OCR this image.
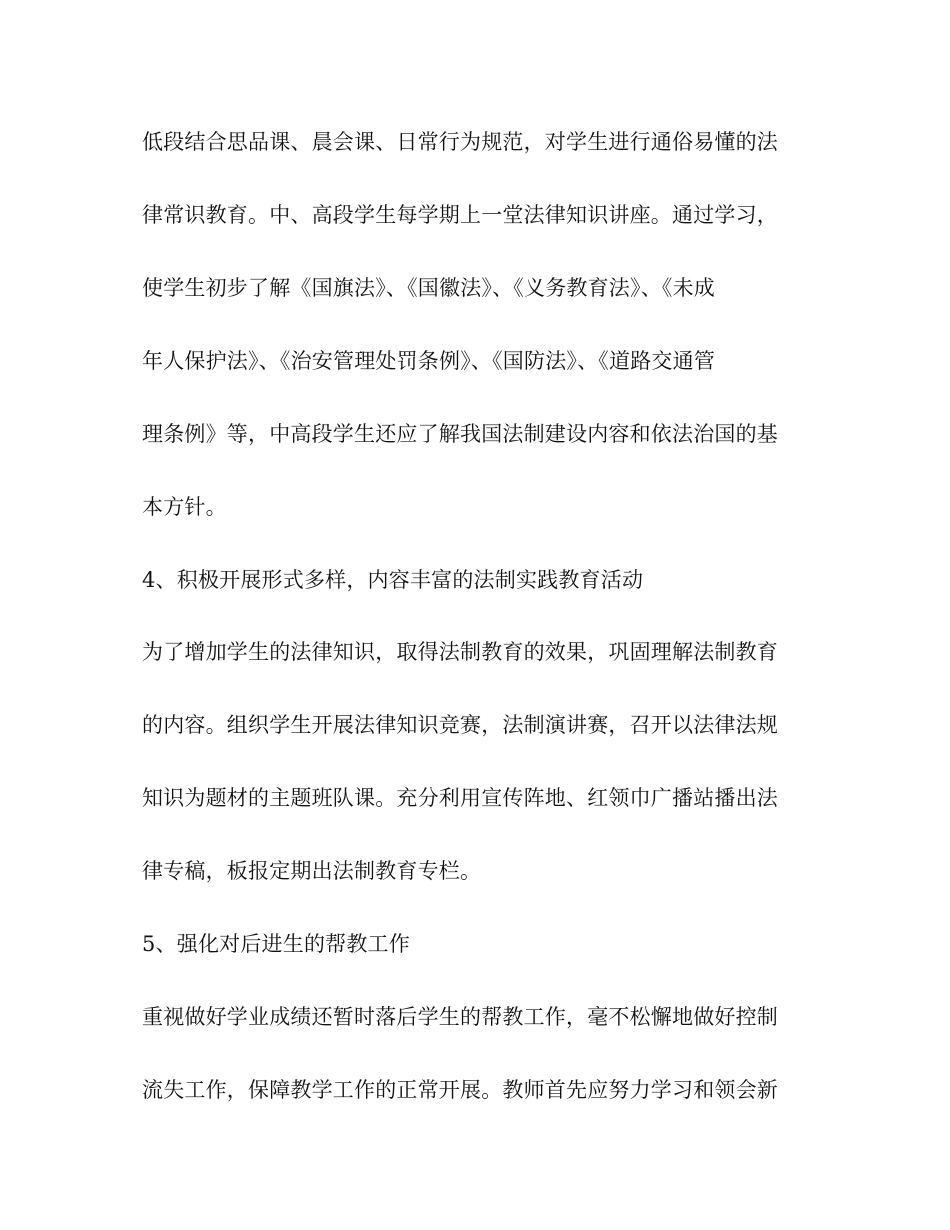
低段结合思品课、晨会课、日常行为规范，对学生进行通俗易懂的法

律常识教育。中、高段学生每学期上一堂法律知识讲座。通过学习，

使学生初步了解《国旗法》、《国徽法》、《义务教育法》、《未成

年人保护法》、《治安管理处罚条例》、《国防法》、《道路交通管

理条例》等，中高段学生还应了解我国法制建设内容和依法治国的基

本方针。

4、积极开展形式多样，内容丰富的法制实践教育活动

为了增加学生的法律知识，取得法制教育的效果，巩固理解法制教育

的内容。组织学生开展法律知识竞赛，法制演讲赛，召开以法律法规

知识为题材的主题班队课。充分利用宣传阵地、红领巾广播站播出法

律专稿，板报定期出法制教育专栏。

5、强化对后进生的帮教工作

重视做好学业成绩还暂时落后学生的帮教工作，毫不松懈地做好控制

流失工作，保障教学工作的正常开展。教师首先应努力学习和领会新
